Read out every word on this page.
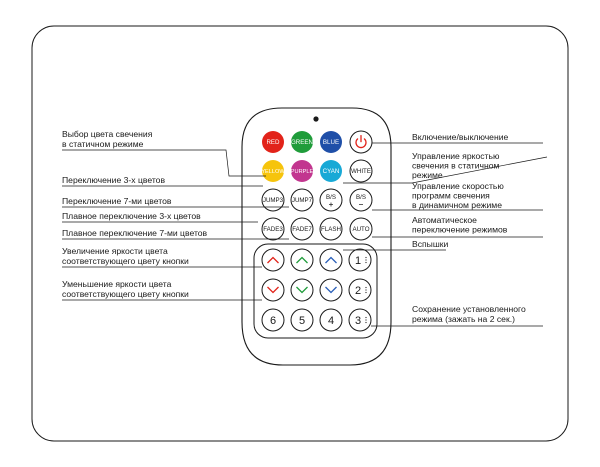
RED GREEN BLUE
YELLOW PURPLE CYAN WHITE
JUMP3 JUMP7 B/S	B/S
FADE3 FADE7 FLASH AUTO
1
2
6 5 4 3
Выбор цвета свечения в статичном режиме
Переключение 3-х цветов
Переключение 7-ми цветов
Плавное переключение 3-х цветов
Плавное переключение 7-ми цветов
Увеличение яркости цвета соответствующего цвету кнопки
Уменьшение яркости цвета соответствующего цвету кнопки
Включение/выключение
Управление яркостью свечения в статичном режиме
Управление скоростью программ свечения в динамичном режиме
Автоматическое переключение режимов
Вспышки
Сохранение установленного режима (зажать на 2 сек.)
